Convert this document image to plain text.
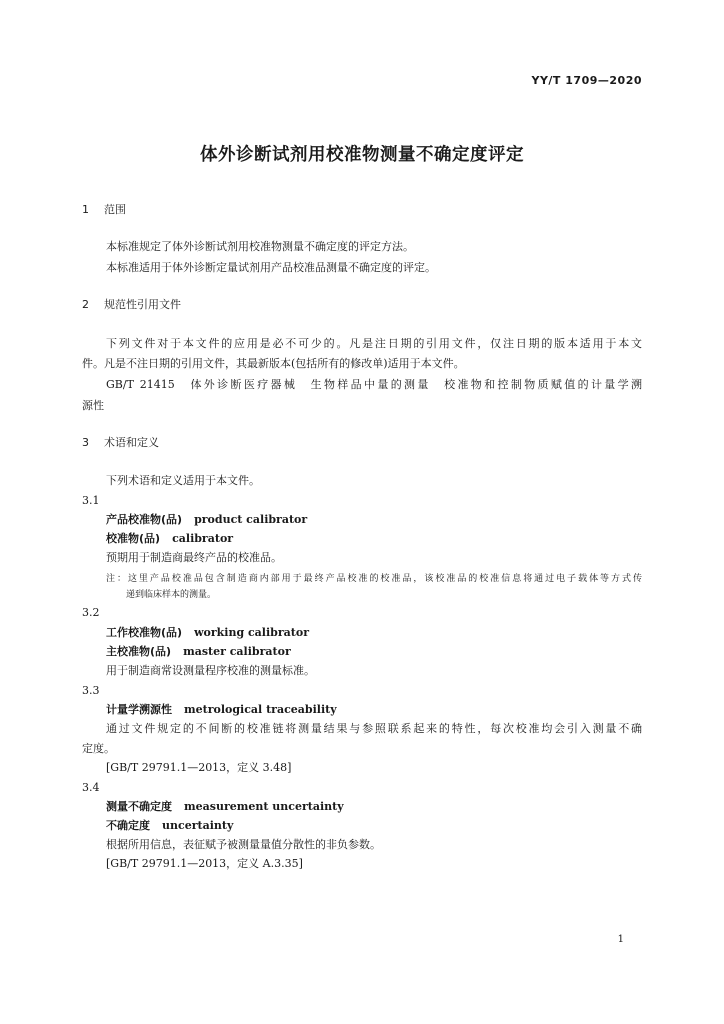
YY/T 1709—2020
体外诊断试剂用校准物测量不确定度评定
1 范围
本标准规定了体外诊断试剂用校准物测量不确定度的评定方法。
本标准适用于体外诊断定量试剂用产品校准品测量不确定度的评定。
2 规范性引用文件
下列文件对于本文件的应用是必不可少的。凡是注日期的引用文件，仅注日期的版本适用于本文
件。凡是不注日期的引用文件，其最新版本(包括所有的修改单)适用于本文件。
GB/T 21415　体外诊断医疗器械　生物样品中量的测量　校准物和控制物质赋值的计量学溯
源性
3 术语和定义
下列术语和定义适用于本文件。
3.1
产品校准物(品) product calibrator
校准物(品) calibrator
预期用于制造商最终产品的校准品。
注：这里产品校准品包含制造商内部用于最终产品校准的校准品，该校准品的校准信息将通过电子载体等方式传
递到临床样本的测量。
3.2
工作校准物(品) working calibrator
主校准物(品) master calibrator
用于制造商常设测量程序校准的测量标准。
3.3
计量学溯源性 metrological traceability
通过文件规定的不间断的校准链将测量结果与参照联系起来的特性，每次校准均会引入测量不确
定度。
[GB/T 29791.1—2013，定义 3.48]
3.4
测量不确定度 measurement uncertainty
不确定度 uncertainty
根据所用信息，表征赋予被测量量值分散性的非负参数。
[GB/T 29791.1—2013，定义 A.3.35]
1
